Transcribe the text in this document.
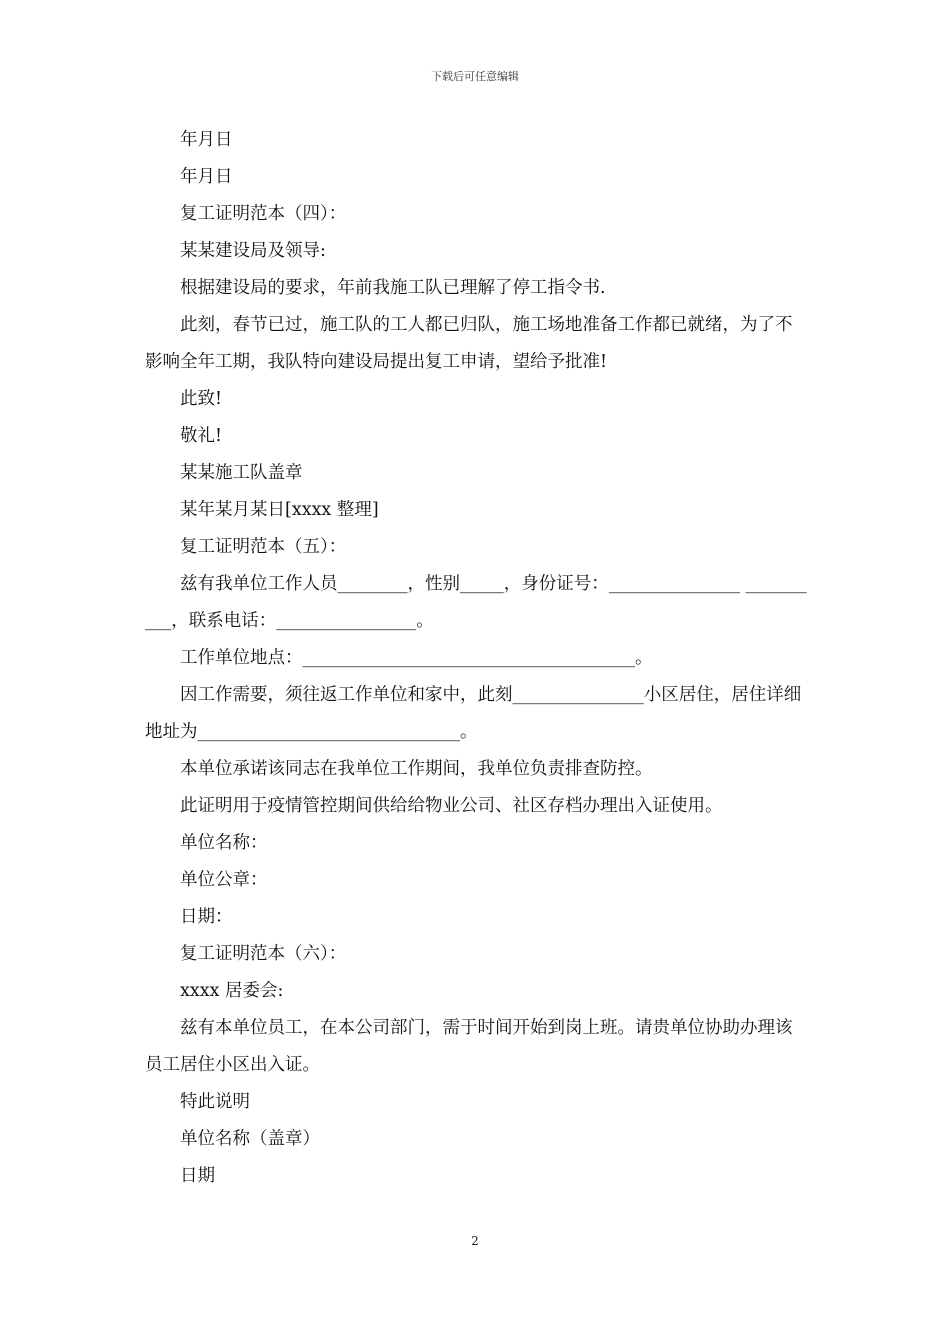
下载后可任意编辑

年月日

年月日

复工证明范本（四）：

某某建设局及领导:

根据建设局的要求，年前我施工队已理解了停工指令书.

此刻，春节已过，施工队的工人都已归队，施工场地准备工作都已就绪，为了不影响全年工期，我队特向建设局提出复工申请，望给予批准!

此致!

敬礼!

某某施工队盖章

某年某月某日[xxxx 整理]

复工证明范本（五）：

兹有我单位工作人员________，性别_____，身份证号：_______________ __________，联系电话：________________。

工作单位地点：______________________________________。

因工作需要，须往返工作单位和家中，此刻_______________小区居住，居住详细地址为______________________________。

本单位承诺该同志在我单位工作期间，我单位负责排查防控。

此证明用于疫情管控期间供给给物业公司、社区存档办理出入证使用。

单位名称：

单位公章：

日期：

复工证明范本（六）：

xxxx 居委会:

兹有本单位员工，在本公司部门，需于时间开始到岗上班。请贵单位协助办理该员工居住小区出入证。

特此说明

单位名称（盖章）

日期

2
